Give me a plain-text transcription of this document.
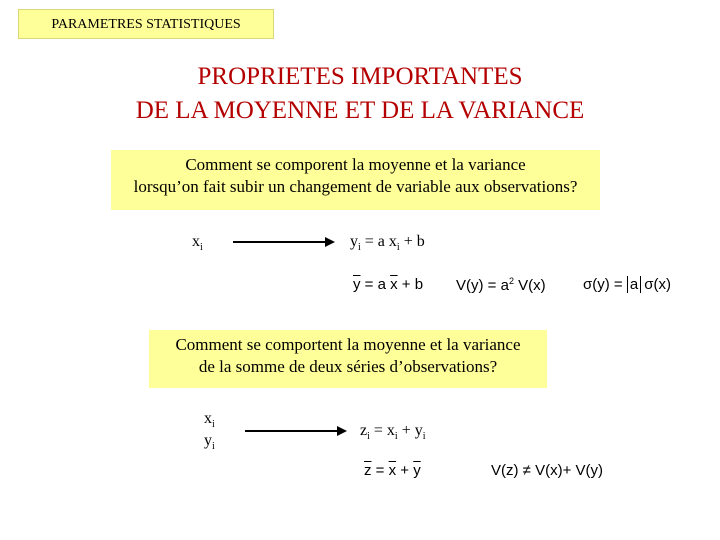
PARAMETRES STATISTIQUES
PROPRIETES IMPORTANTES
DE LA MOYENNE ET DE LA VARIANCE
Comment se comporent la moyenne et la variance
lorsqu’on fait subir un changement de variable aux observations?
$x_i$	$y_i = a$ $x_i + b$
$\overline{y} = a$ $\overline{x} + b$ $V(y) = a^2$ V(x) σ(y) = a σ(x)
Comment se comportent la moyenne et la variance
de la somme de deux séries d’observations?
$x_i$
$y_i$
$z_i = x_i + y_i$
$\overline{z} = \overline{x} + \overline{y}$	V(z) ≠ V(x)+ V(y)
